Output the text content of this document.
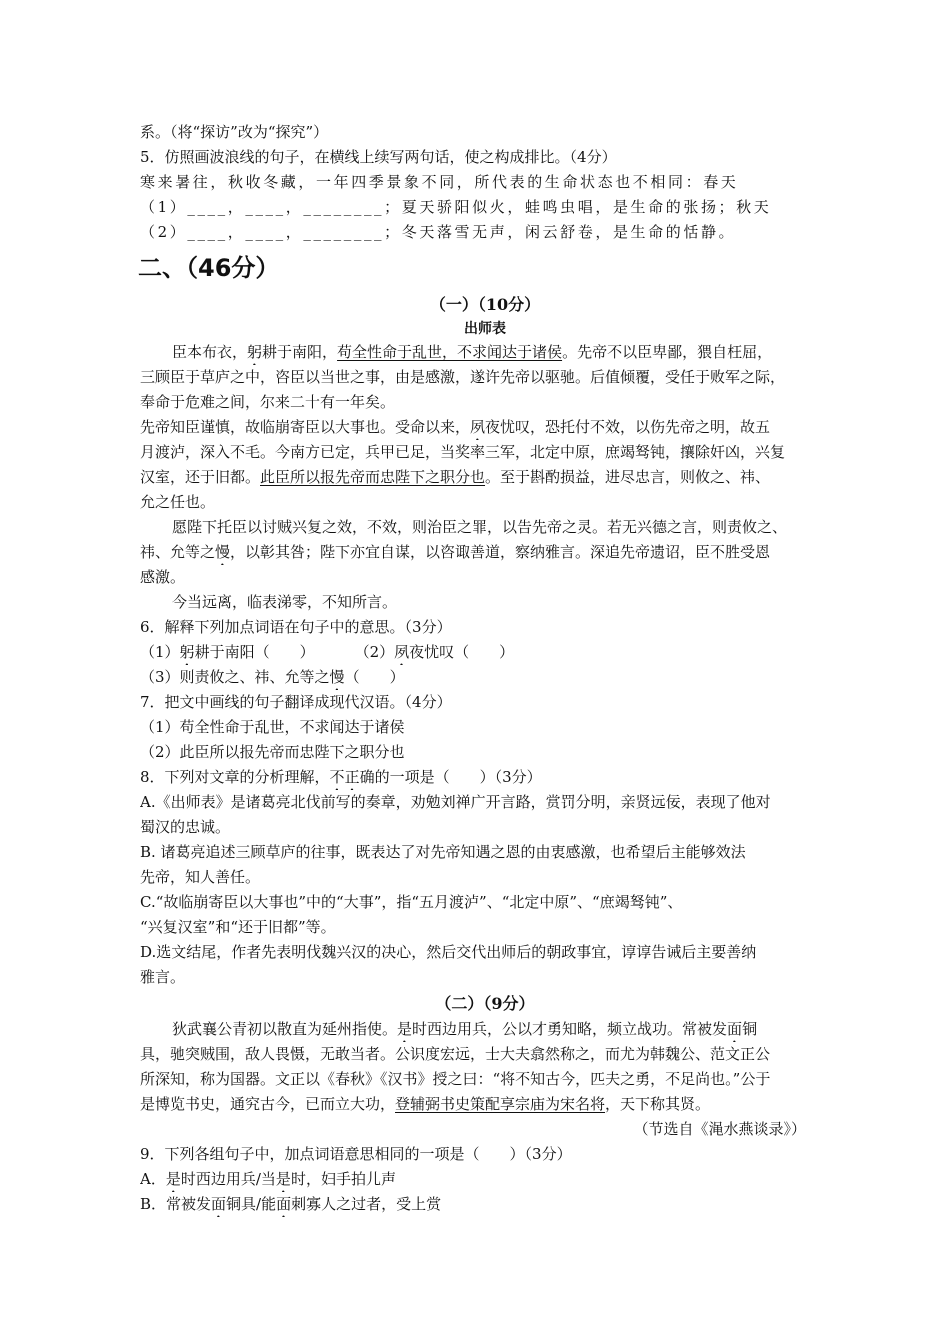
系。（将“探访”改为“探究”）
5．仿照画波浪线的句子，在横线上续写两句话，使之构成排比。（4分）
寒来暑往，秋收冬藏，一年四季景象不同，所代表的生命状态也不相同：春天
（1）____，____，________；夏天骄阳似火，蛙鸣虫唱，是生命的张扬；秋天
（2）____，____，________；冬天落雪无声，闲云舒卷，是生命的恬静。
二、（46分）
（一）（10分）
出师表
臣本布衣，躬耕于南阳，苟全性命于乱世，不求闻达于诸侯。先帝不以臣卑鄙，猥自枉屈，
三顾臣于草庐之中，咨臣以当世之事，由是感激，遂许先帝以驱驰。后值倾覆，受任于败军之际，
奉命于危难之间，尔来二十有一年矣。
先帝知臣谨慎，故临崩寄臣以大事也。受命以来，夙夜忧叹，恐托付不效，以伤先帝之明，故五
月渡泸，深入不毛。今南方已定，兵甲已足，当奖率三军，北定中原，庶竭驽钝，攘除奸凶，兴复
汉室，还于旧都。此臣所以报先帝而忠陛下之职分也。至于斟酌损益，进尽忠言，则攸之、祎、
允之任也。
愿陛下托臣以讨贼兴复之效，不效，则治臣之罪，以告先帝之灵。若无兴德之言，则责攸之、
祎、允等之慢，以彰其咎；陛下亦宜自谋，以咨诹善道，察纳雅言。深追先帝遗诏，臣不胜受恩
感激。
今当远离，临表涕零，不知所言。
6．解释下列加点词语在句子中的意思。（3分）
（1）躬耕于南阳（　　）	（2）夙夜忧叹（　　）
（3）则责攸之、祎、允等之慢（　　）
7．把文中画线的句子翻译成现代汉语。（4分）
（1）苟全性命于乱世，不求闻达于诸侯
（2）此臣所以报先帝而忠陛下之职分也
8．下列对文章的分析理解，不正确的一项是（　　）（3分）
A.《出师表》是诸葛亮北伐前写的奏章，劝勉刘禅广开言路，赏罚分明，亲贤远佞，表现了他对
蜀汉的忠诚。
B. 诸葛亮追述三顾草庐的往事，既表达了对先帝知遇之恩的由衷感激，也希望后主能够效法
先帝，知人善任。
C.“故临崩寄臣以大事也”中的“大事”，指“五月渡泸”、“北定中原”、“庶竭驽钝”、
“兴复汉室”和“还于旧都”等。
D.选文结尾，作者先表明伐魏兴汉的决心，然后交代出师后的朝政事宜，谆谆告诫后主要善纳
雅言。
（二）（9分）
狄武襄公青初以散直为延州指使。是时西边用兵，公以才勇知略，频立战功。常被发面铜
具，驰突贼围，敌人畏慑，无敢当者。公识度宏远，士大夫翕然称之，而尤为韩魏公、范文正公
所深知，称为国器。文正以《春秋》《汉书》授之曰：“将不知古今，匹夫之勇，不足尚也。”公于
是博览书史，通究古今，已而立大功，登辅弼书史策配享宗庙为宋名将，天下称其贤。
（节选自《渑水燕谈录》）
9．下列各组句子中，加点词语意思相同的一项是（　　）（3分）
A．是时西边用兵/当是时，妇手拍儿声
B．常被发面铜具/能面刺寡人之过者，受上赏
